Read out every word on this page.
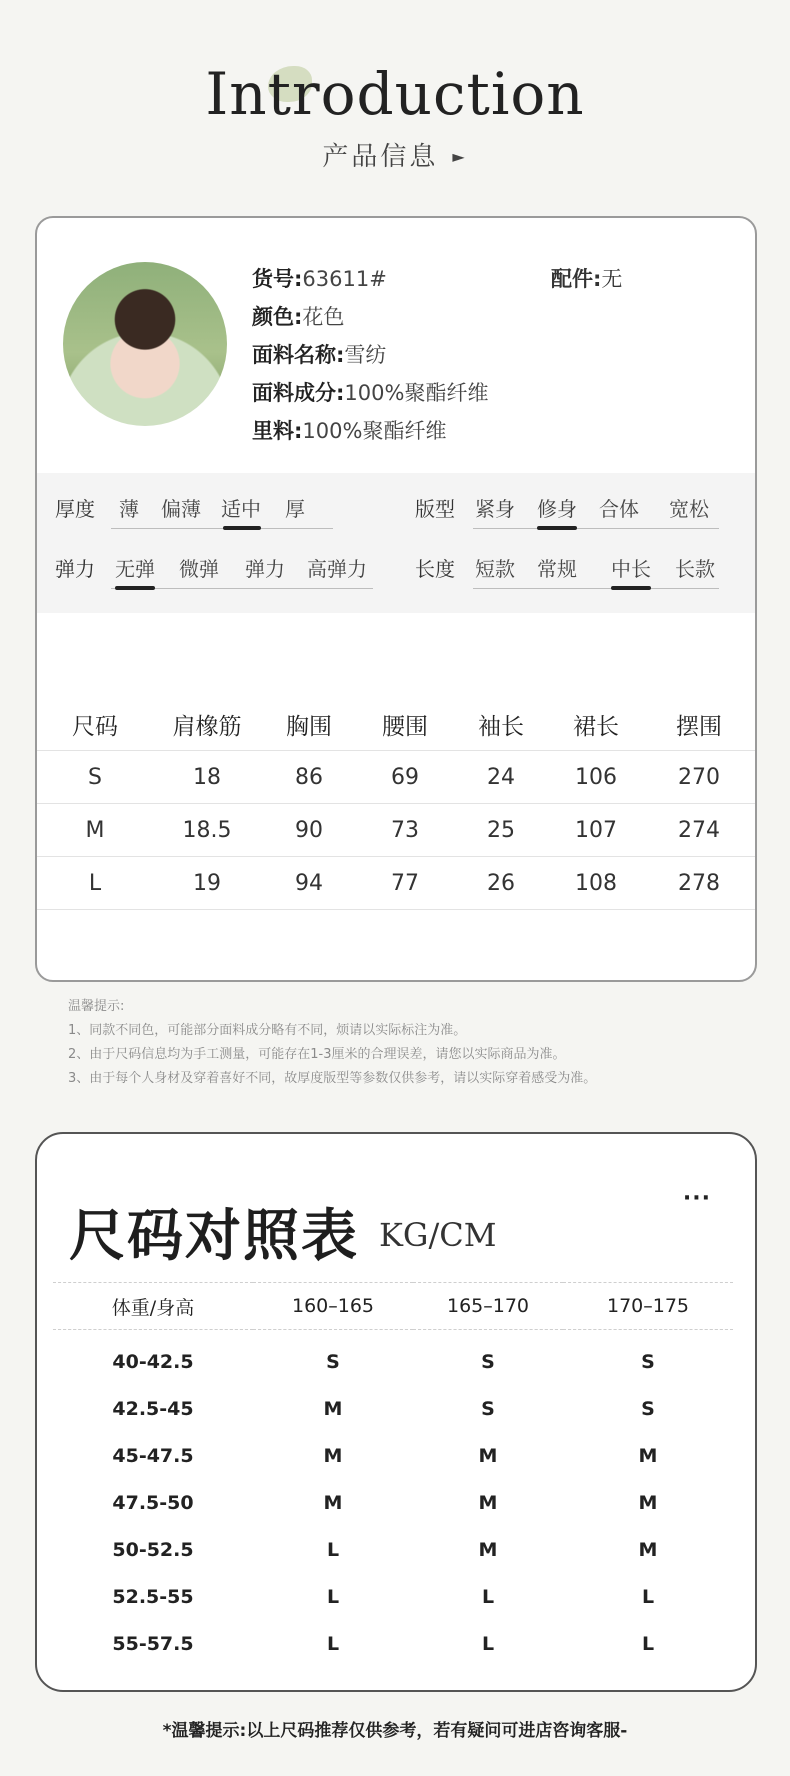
Introduction
产品信息 ►
货号:63611#
颜色:花色
面料名称:雪纺
面料成分:100%聚酯纤维
里料:100%聚酯纤维
配件:无
厚度	薄	偏薄	适中	厚	版型	紧身	修身	合体	宽松
弹力	无弹	微弹	弹力	高弹力	长度	短款	常规	中长	长款
尺码	肩橡筋	胸围	腰围	袖长	裙长	摆围
S	18	86	69	24	106	270
M	18.5	90	73	25	107	274
L	19	94	77	26	108	278
温馨提示:
1、同款不同色，可能部分面料成分略有不同，烦请以实际标注为准。
2、由于尺码信息均为手工测量，可能存在1-3厘米的合理误差，请您以实际商品为准。
3、由于每个人身材及穿着喜好不同，故厚度版型等参数仅供参考，请以实际穿着感受为准。
尺码对照表 KG/CM
···
体重/身高	160–165	165–170	170–175
40-42.5	S	S	S
42.5-45	M	S	S
45-47.5	M	M	M
47.5-50	M	M	M
50-52.5	L	M	M
52.5-55	L	L	L
55-57.5	L	L	L
*温馨提示:以上尺码推荐仅供参考，若有疑问可进店咨询客服-
